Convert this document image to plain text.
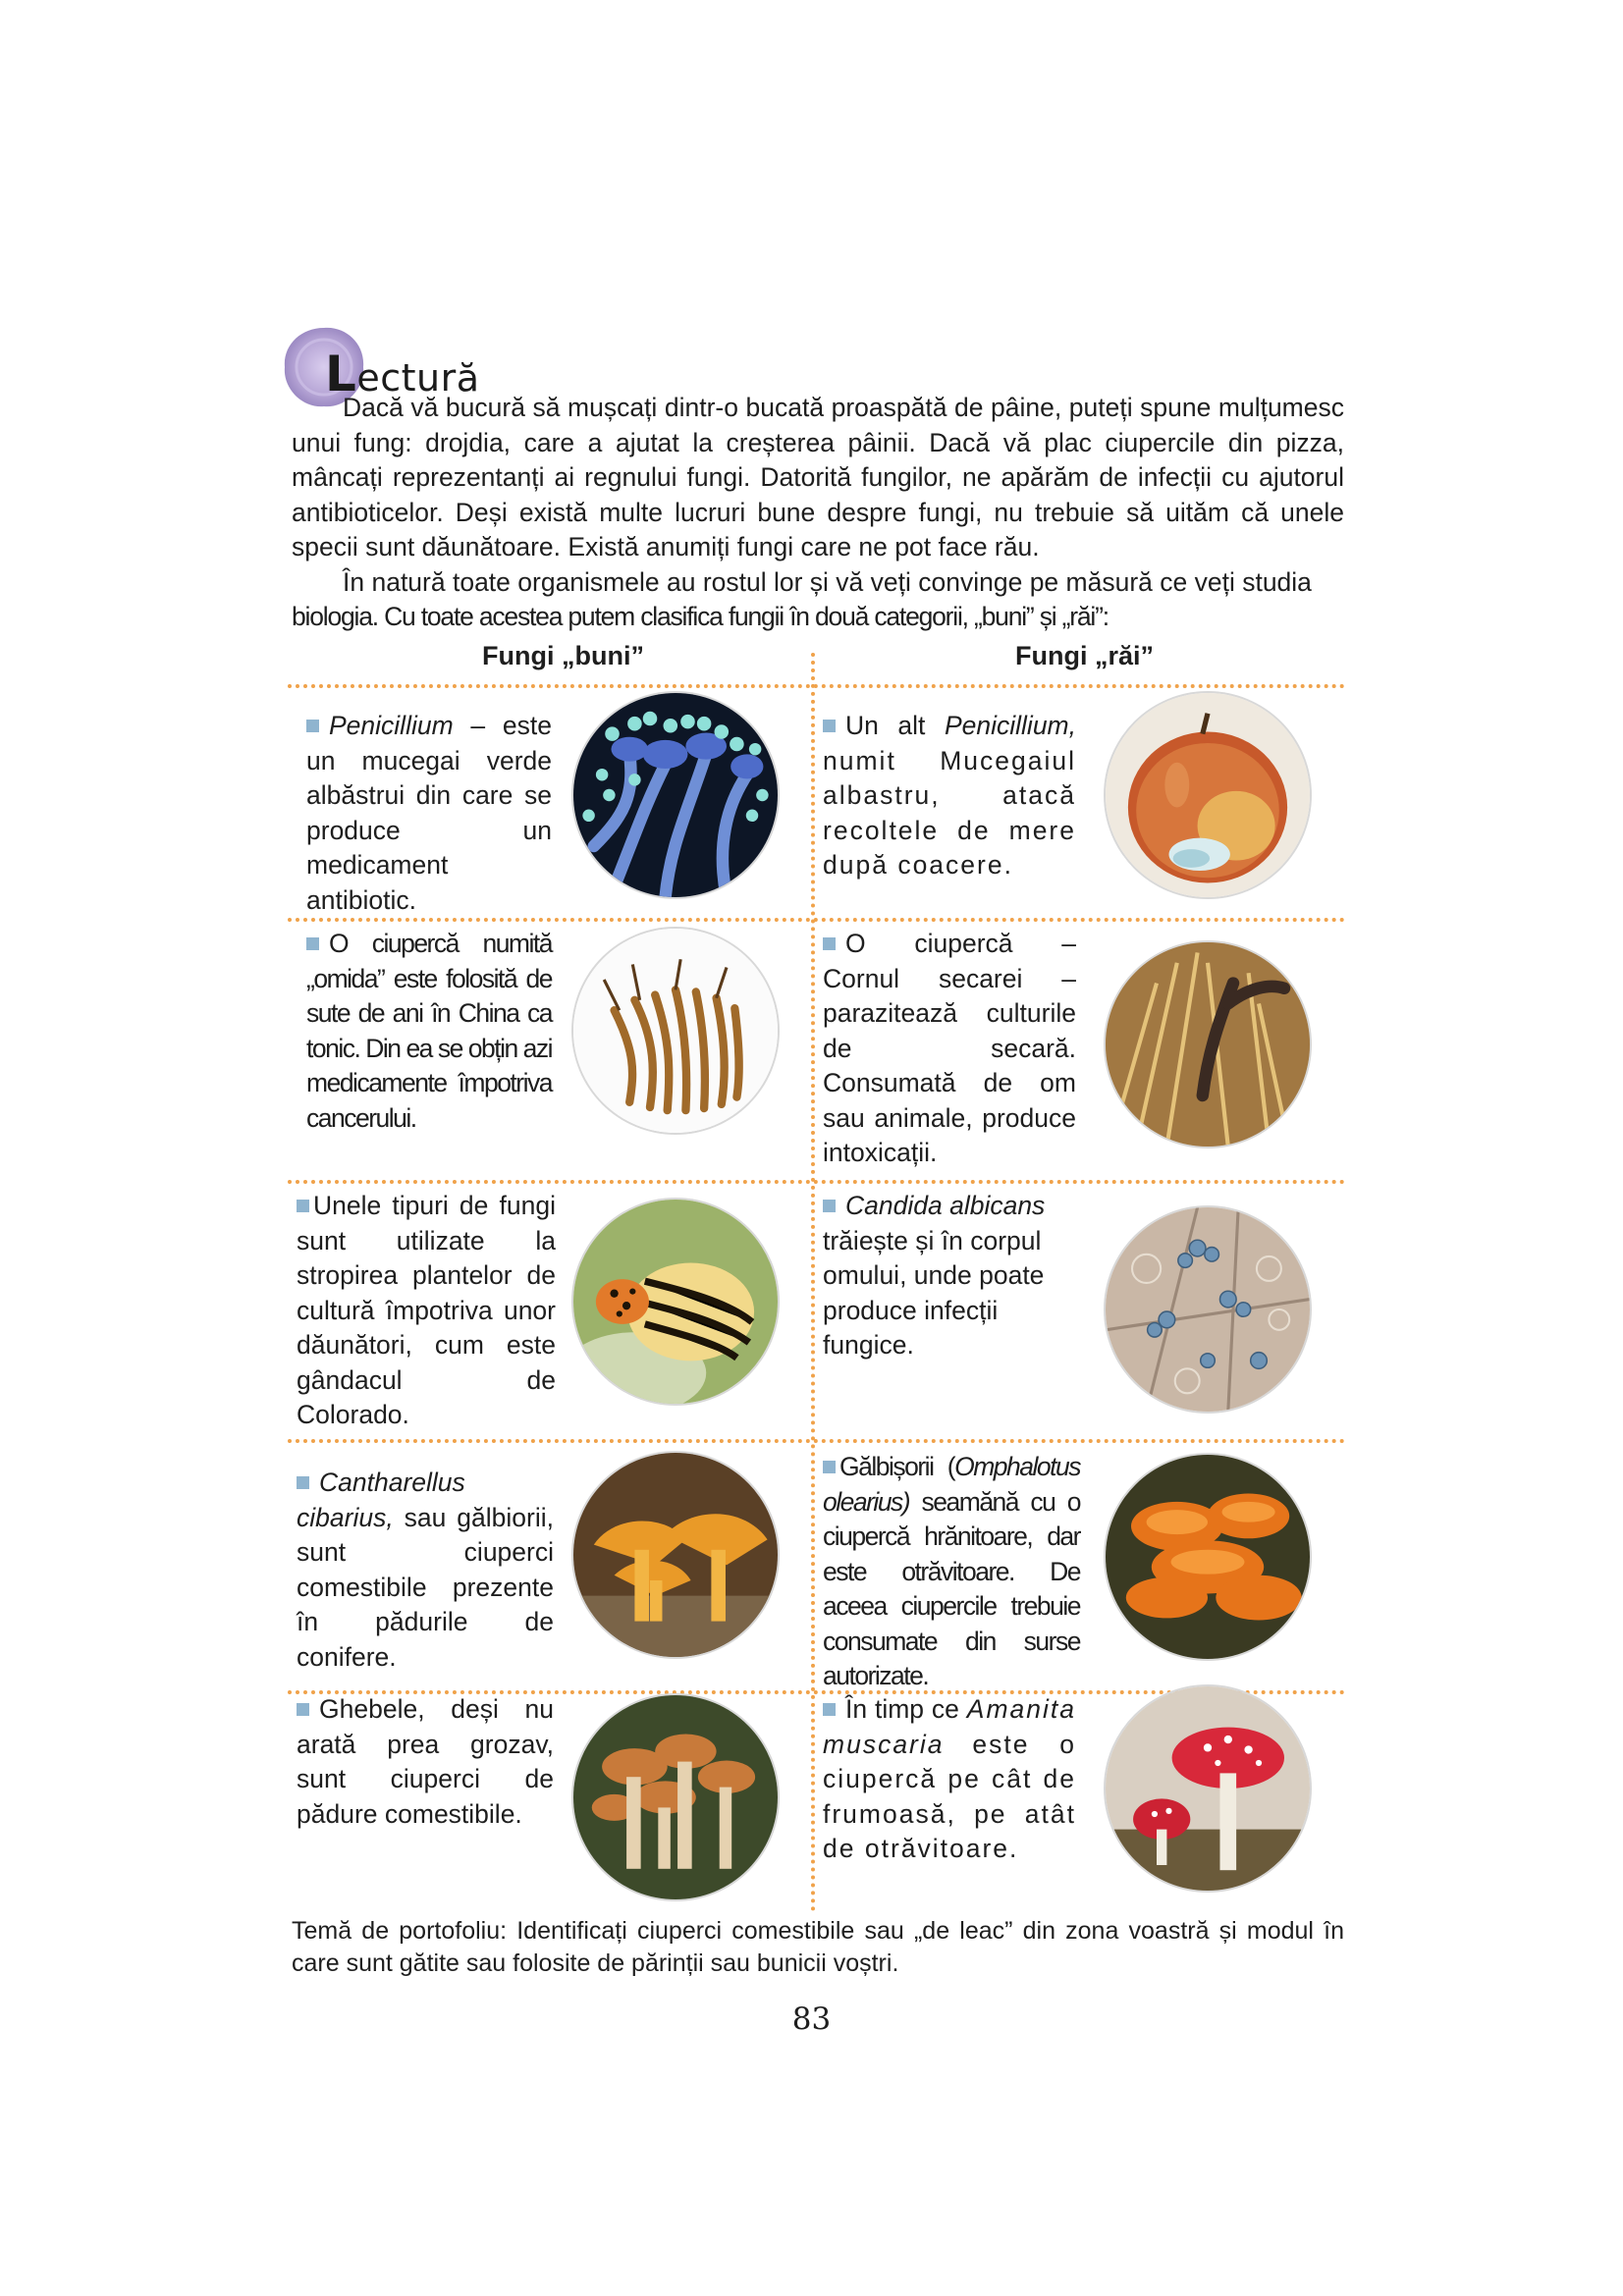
Lectură

Dacă vă bucură să mușcați dintr-o bucată proaspătă de pâine, puteți spune mulțumesc unui fung: drojdia, care a ajutat la creșterea pâinii. Dacă vă plac ciupercile din pizza, mâncați reprezentanți ai regnului fungi. Datorită fungilor, ne apărăm de infecții cu ajutorul antibioticelor. Deși există multe lucruri bune despre fungi, nu trebuie să uităm că unele specii sunt dăunătoare. Există anumiți fungi care ne pot face rău.

În natură toate organismele au rostul lor și vă veți convinge pe măsură ce veți studia

biologia. Cu toate acestea putem clasifica fungii în două categorii, „buni” și „răi”:

Fungi „buni”	Fungi „răi”

Penicillium – este un mucegai verde albăstrui din care se produce un medicament antibiotic.

Un alt Penicillium, numit Mucegaiul albastru, atacă recoltele de mere după coacere.

O ciupercă numită „omida” este folosită de sute de ani în China ca tonic. Din ea se obțin azi medicamente împotriva cancerului.

O ciupercă – Cornul secarei – parazitează culturile de secară. Consumată de om sau animale, produce intoxicații.

Unele tipuri de fungi sunt utilizate la stropirea plantelor de cultură împotriva unor dăunători, cum este gândacul de Colorado.

Candida albicans trăiește și în corpul omului, unde poate produce infecții fungice.

Cantharellus cibarius, sau gălbiorii, sunt ciuperci comestibile prezente în pădurile de conifere.

Gălbișorii (Omphalotus olearius) seamănă cu o ciupercă hrănitoare, dar este otrăvitoare. De aceea ciupercile trebuie consumate din surse autorizate.

Ghebele, deși nu arată prea grozav, sunt ciuperci de pădure comestibile.

În timp ce Amanita muscaria este o ciupercă pe cât de frumoasă, pe atât de otrăvitoare.

Temă de portofoliu: Identificați ciuperci comestibile sau „de leac” din zona voastră și modul în care sunt gătite sau folosite de părinții sau bunicii voștri.
83
